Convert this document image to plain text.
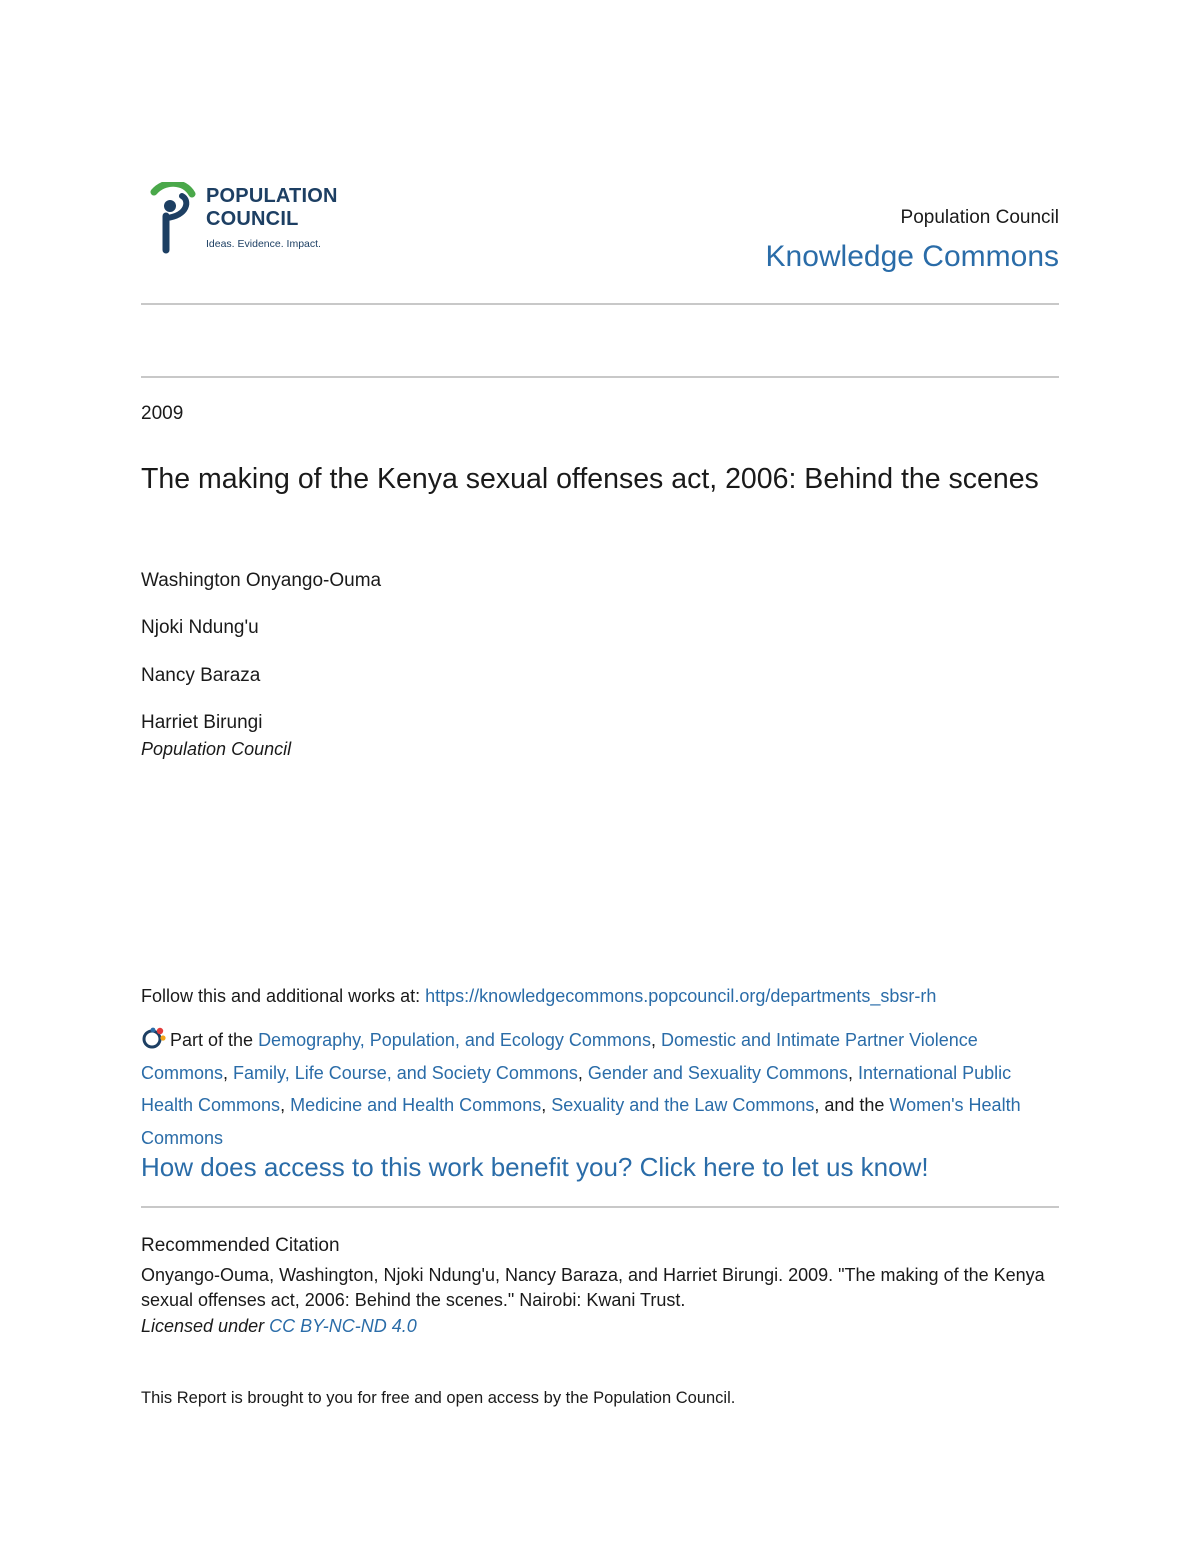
POPULATION
COUNCIL
Ideas. Evidence. Impact.
Population Council
Knowledge Commons
2009
The making of the Kenya sexual offenses act, 2006: Behind the scenes
Washington Onyango-Ouma
Njoki Ndung'u
Nancy Baraza
Harriet Birungi
Population Council
Follow this and additional works at: https://knowledgecommons.popcouncil.org/departments_sbsr-rh
Part of the Demography, Population, and Ecology Commons, Domestic and Intimate Partner Violence Commons, Family, Life Course, and Society Commons, Gender and Sexuality Commons, International Public Health Commons, Medicine and Health Commons, Sexuality and the Law Commons, and the Women's Health Commons
How does access to this work benefit you? Click here to let us know!
Recommended Citation
Onyango-Ouma, Washington, Njoki Ndung'u, Nancy Baraza, and Harriet Birungi. 2009. "The making of the Kenya sexual offenses act, 2006: Behind the scenes." Nairobi: Kwani Trust.
Licensed under CC BY-NC-ND 4.0
This Report is brought to you for free and open access by the Population Council.
